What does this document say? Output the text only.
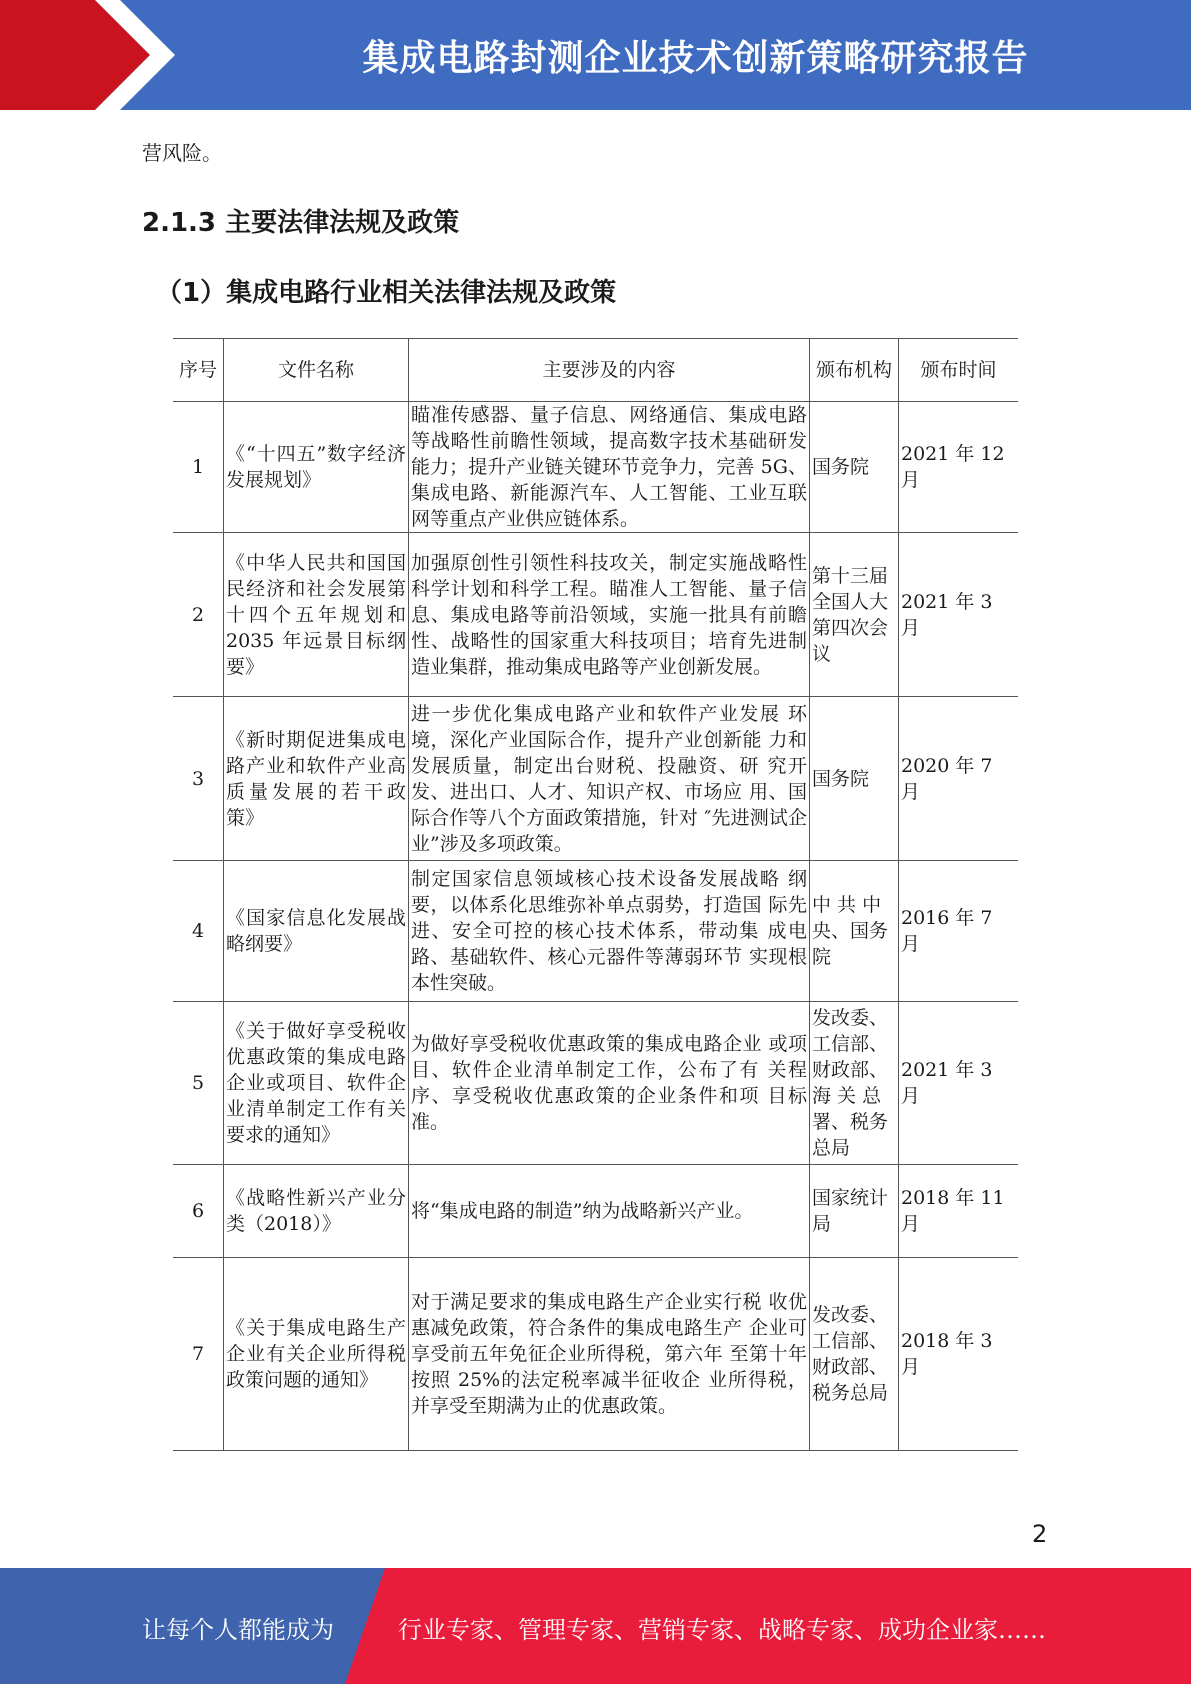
集成电路封测企业技术创新策略研究报告
营风险。
2.1.3 主要法律法规及政策
（1）集成电路行业相关法律法规及政策
序号	文件名称	主要涉及的内容	颁布机构	颁布时间
1	《“十四五”数字经济发展规划》	瞄准传感器、量子信息、网络通信、集成电路等战略性前瞻性领域，提高数字技术基础研发能力；提升产业链关键环节竞争力，完善 5G、集成电路、新能源汽车、人工智能、工业互联网等重点产业供应链体系。	国务院	2021 年 12 月
2	《中华人民共和国国民经济和社会发展第十四个五年规划和 2035 年远景目标纲要》	加强原创性引领性科技攻关，制定实施战略性科学计划和科学工程。瞄准人工智能、量子信息、集成电路等前沿领域，实施一批具有前瞻性、战略性的国家重大科技项目；培育先进制造业集群，推动集成电路等产业创新发展。	第十三届全国人大第四次会议	2021 年 3 月
3	《新时期促进集成电路产业和软件产业高质量发展的若干政策》	进一步优化集成电路产业和软件产业发展 环境，深化产业国际合作，提升产业创新能 力和发展质量，制定出台财税、投融资、研 究开发、进出口、人才、知识产权、市场应 用、国际合作等八个方面政策措施，针对 ″先进测试企业”涉及多项政策。	国务院	2020 年 7 月
4	《国家信息化发展战略纲要》	制定国家信息领域核心技术设备发展战略 纲要，以体系化思维弥补单点弱势，打造国 际先进、安全可控的核心技术体系，带动集 成电路、基础软件、核心元器件等薄弱环节 实现根本性突破。	中 共 中央、国务院	2016 年 7 月
5	《关于做好享受税收优惠政策的集成电路企业或项目、软件企业清单制定工作有关要求的通知》	为做好享受税收优惠政策的集成电路企业 或项目、软件企业清单制定工作，公布了有 关程序、享受税收优惠政策的企业条件和项 目标准。	发改委、工信部、财政部、海 关 总署、税务总局	2021 年 3 月
6	《战略性新兴产业分类（2018）》	将“集成电路的制造”纳为战略新兴产业。	国家统计局	2018 年 11 月
7	《关于集成电路生产企业有关企业所得税政策问题的通知》	对于满足要求的集成电路生产企业实行税 收优惠减免政策，符合条件的集成电路生产 企业可享受前五年免征企业所得税，第六年 至第十年按照 25%的法定税率减半征收企 业所得税，并享受至期满为止的优惠政策。	发改委、工信部、财政部、税务总局	2018 年 3 月
2
让每个人都能成为	行业专家、管理专家、营销专家、战略专家、成功企业家……
